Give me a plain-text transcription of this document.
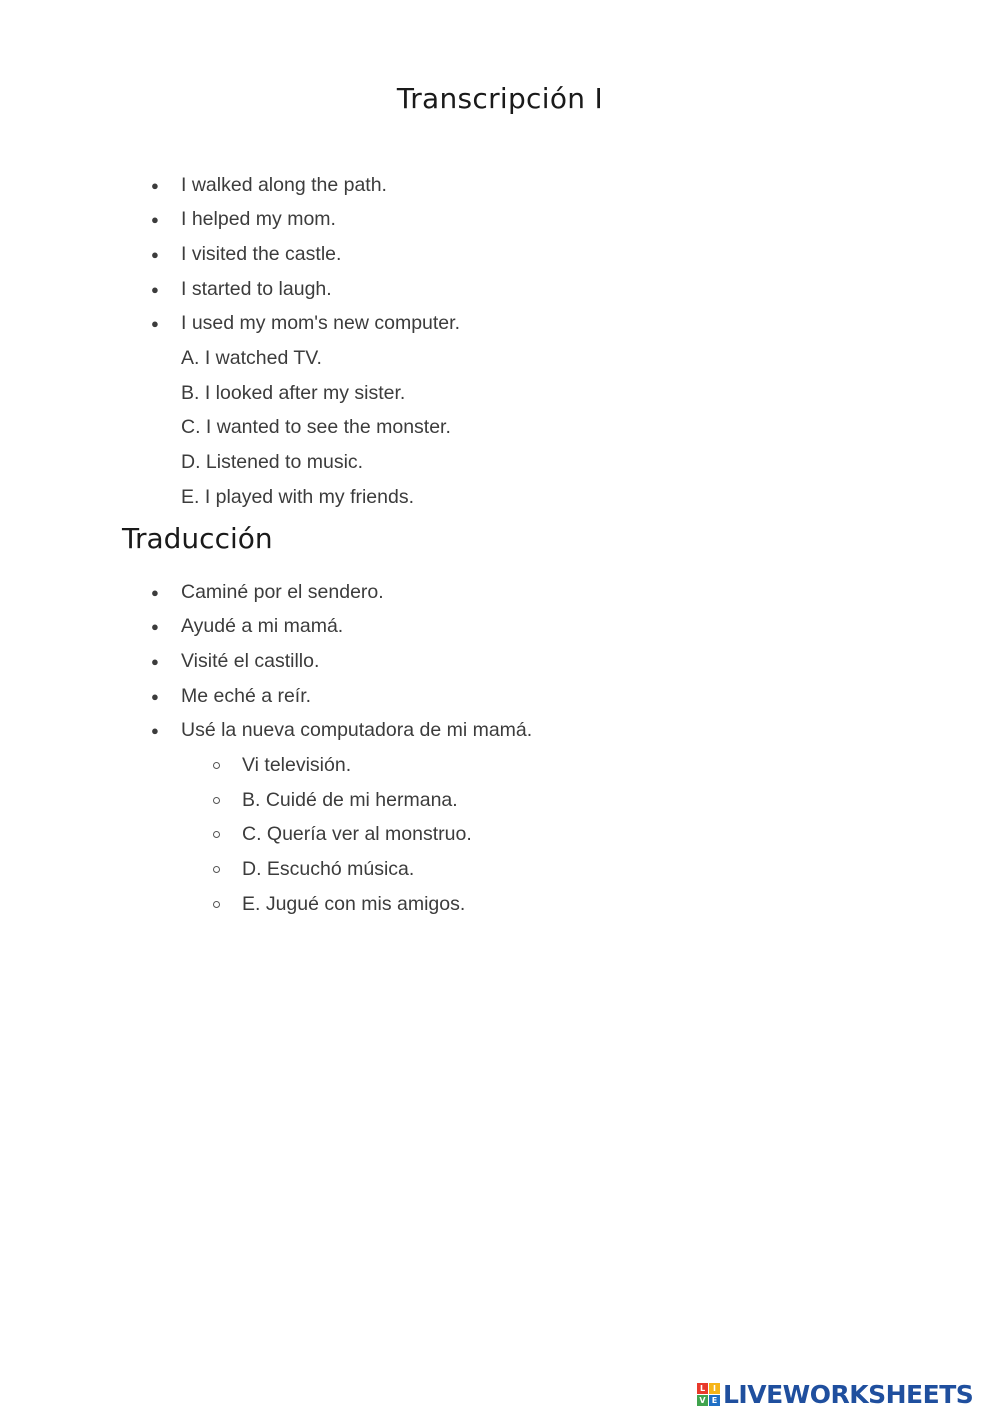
Transcripción I
● I walked along the path.
● I helped my mom.
● I visited the castle.
● I started to laugh.
● I used my mom's new computer.
A. I watched TV.
B. I looked after my sister.
C. I wanted to see the monster.
D. Listened to music.
E. I played with my friends.
Traducción
● Caminé por el sendero.
● Ayudé a mi mamá.
● Visité el castillo.
● Me eché a reír.
● Usé la nueva computadora de mi mamá.
Vi televisión.
B. Cuidé de mi hermana.
C. Quería ver al monstruo.
D. Escuchó música.
E. Jugué con mis amigos.
L I
V E LIVEWORKSHEETS
